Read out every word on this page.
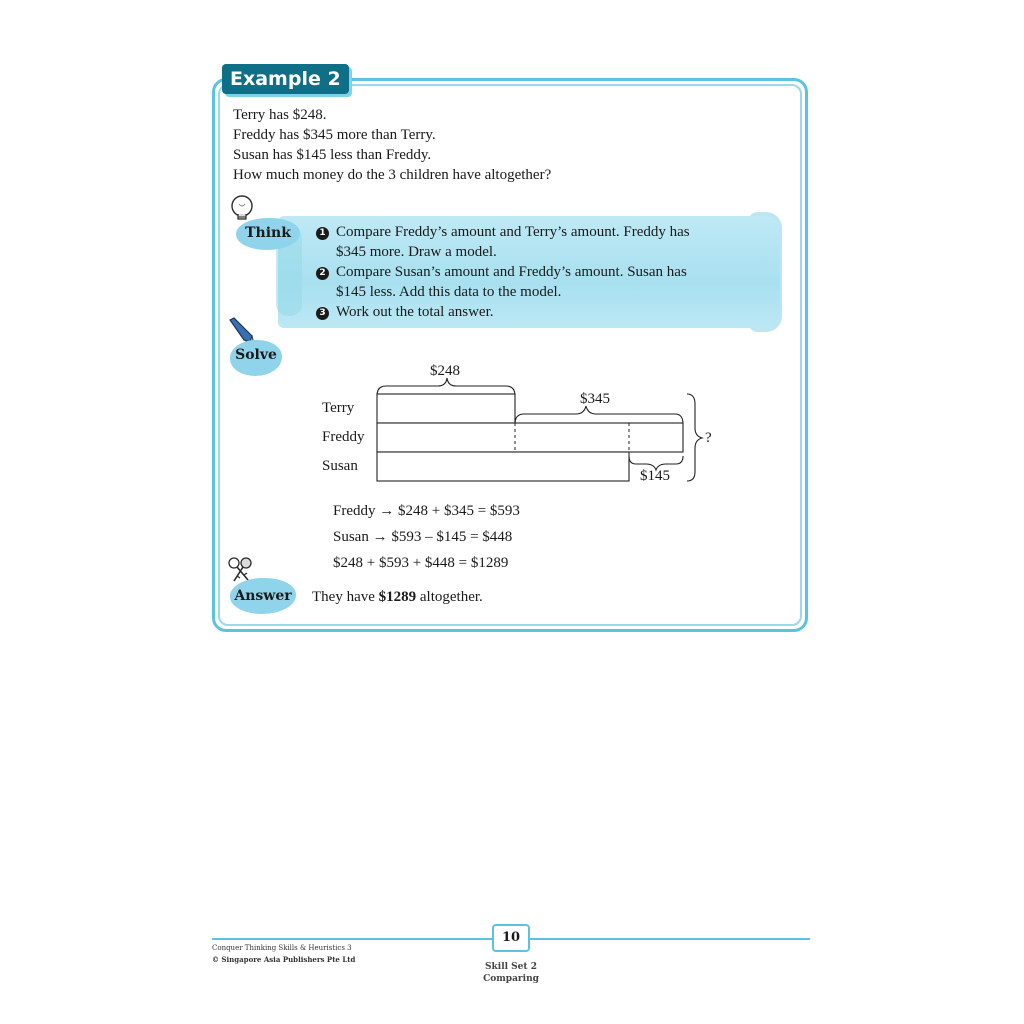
Example 2
Terry has $248.
Freddy has $345 more than Terry.
Susan has $145 less than Freddy.
How much money do the 3 children have altogether?
Think	1 Compare Freddy’s amount and Terry’s amount. Freddy has
$345 more. Draw a model.
2 Compare Susan’s amount and Freddy’s amount. Susan has
$145 less. Add this data to the model.
3 Work out the total answer.
Solve
$248
$345
$145
?
Terry
Freddy
Susan
Freddy → $248 + $345 = $593
Susan → $593 – $145 = $448
$248 + $593 + $448 = $1289
Answer They have $1289 altogether.
Conquer Thinking Skills & Heuristics 3
© Singapore Asia Publishers Pte Ltd
10
Skill Set 2
Comparing
